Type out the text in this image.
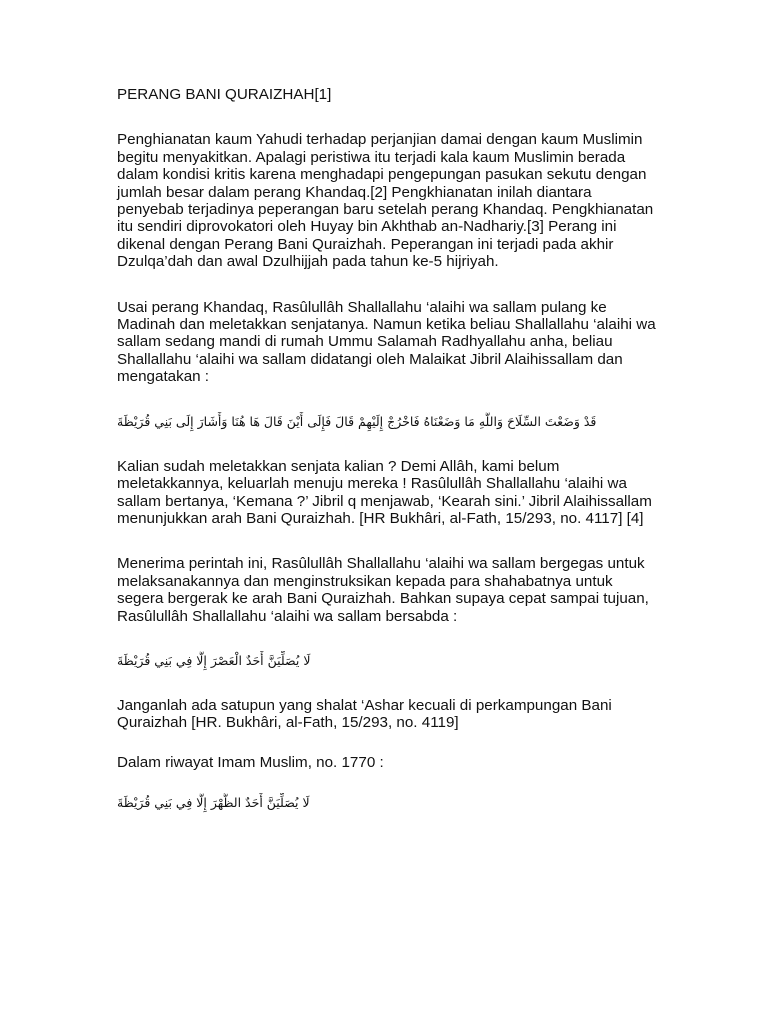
PERANG BANI QURAIZHAH[1]
Penghianatan kaum Yahudi terhadap perjanjian damai dengan kaum Muslimin begitu menyakitkan. Apalagi peristiwa itu terjadi kala kaum Muslimin berada dalam kondisi kritis karena menghadapi pengepungan pasukan sekutu dengan jumlah besar dalam perang Khandaq.[2] Pengkhianatan inilah diantara penyebab terjadinya peperangan baru setelah perang Khandaq. Pengkhianatan itu sendiri diprovokatori oleh Huyay bin Akhthab an-Nadhariy.[3] Perang ini dikenal dengan Perang Bani Quraizhah. Peperangan ini terjadi pada akhir Dzulqa’dah dan awal Dzulhijjah pada tahun ke-5 hijriyah.
Usai perang Khandaq, Rasûlullâh Shallallahu ‘alaihi wa sallam pulang ke Madinah dan meletakkan senjatanya. Namun ketika beliau Shallallahu ‘alaihi wa sallam sedang mandi di rumah Ummu Salamah Radhyallahu anha, beliau Shallallahu ‘alaihi wa sallam didatangi oleh Malaikat Jibril Alaihissallam dan mengatakan :
قَدْ وَضَعْتَ السِّلَاحَ وَاللَّهِ مَا وَضَعْنَاهُ فَاخْرُجْ إِلَيْهِمْ قَالَ فَإِلَى أَيْنَ قَالَ هَا هُنَا وَأَشَارَ إِلَى بَنِي قُرَيْظَةَ
Kalian sudah meletakkan senjata kalian ? Demi Allâh, kami belum meletakkannya, keluarlah menuju mereka ! Rasûlullâh Shallallahu ‘alaihi wa sallam bertanya, ‘Kemana ?’ Jibril q menjawab, ‘Kearah sini.’ Jibril Alaihissallam menunjukkan arah Bani Quraizhah. [HR Bukhâri, al-Fath, 15/293, no. 4117] [4]
Menerima perintah ini, Rasûlullâh Shallallahu ‘alaihi wa sallam bergegas untuk melaksanakannya dan menginstruksikan kepada para shahabatnya untuk segera bergerak ke arah Bani Quraizhah. Bahkan supaya cepat sampai tujuan, Rasûlullâh Shallallahu ‘alaihi wa sallam bersabda :
لَا يُصَلِّيَنَّ أَحَدٌ الْعَصْرَ إِلَّا فِي بَنِي قُرَيْظَةَ
Janganlah ada satupun yang shalat ‘Ashar kecuali di perkampungan Bani Quraizhah [HR. Bukhâri, al-Fath, 15/293, no. 4119]
Dalam riwayat Imam Muslim, no. 1770 :
لَا يُصَلِّيَنَّ أَحَدٌ الظُّهْرَ إِلَّا فِي بَنِي قُرَيْظَةَ
